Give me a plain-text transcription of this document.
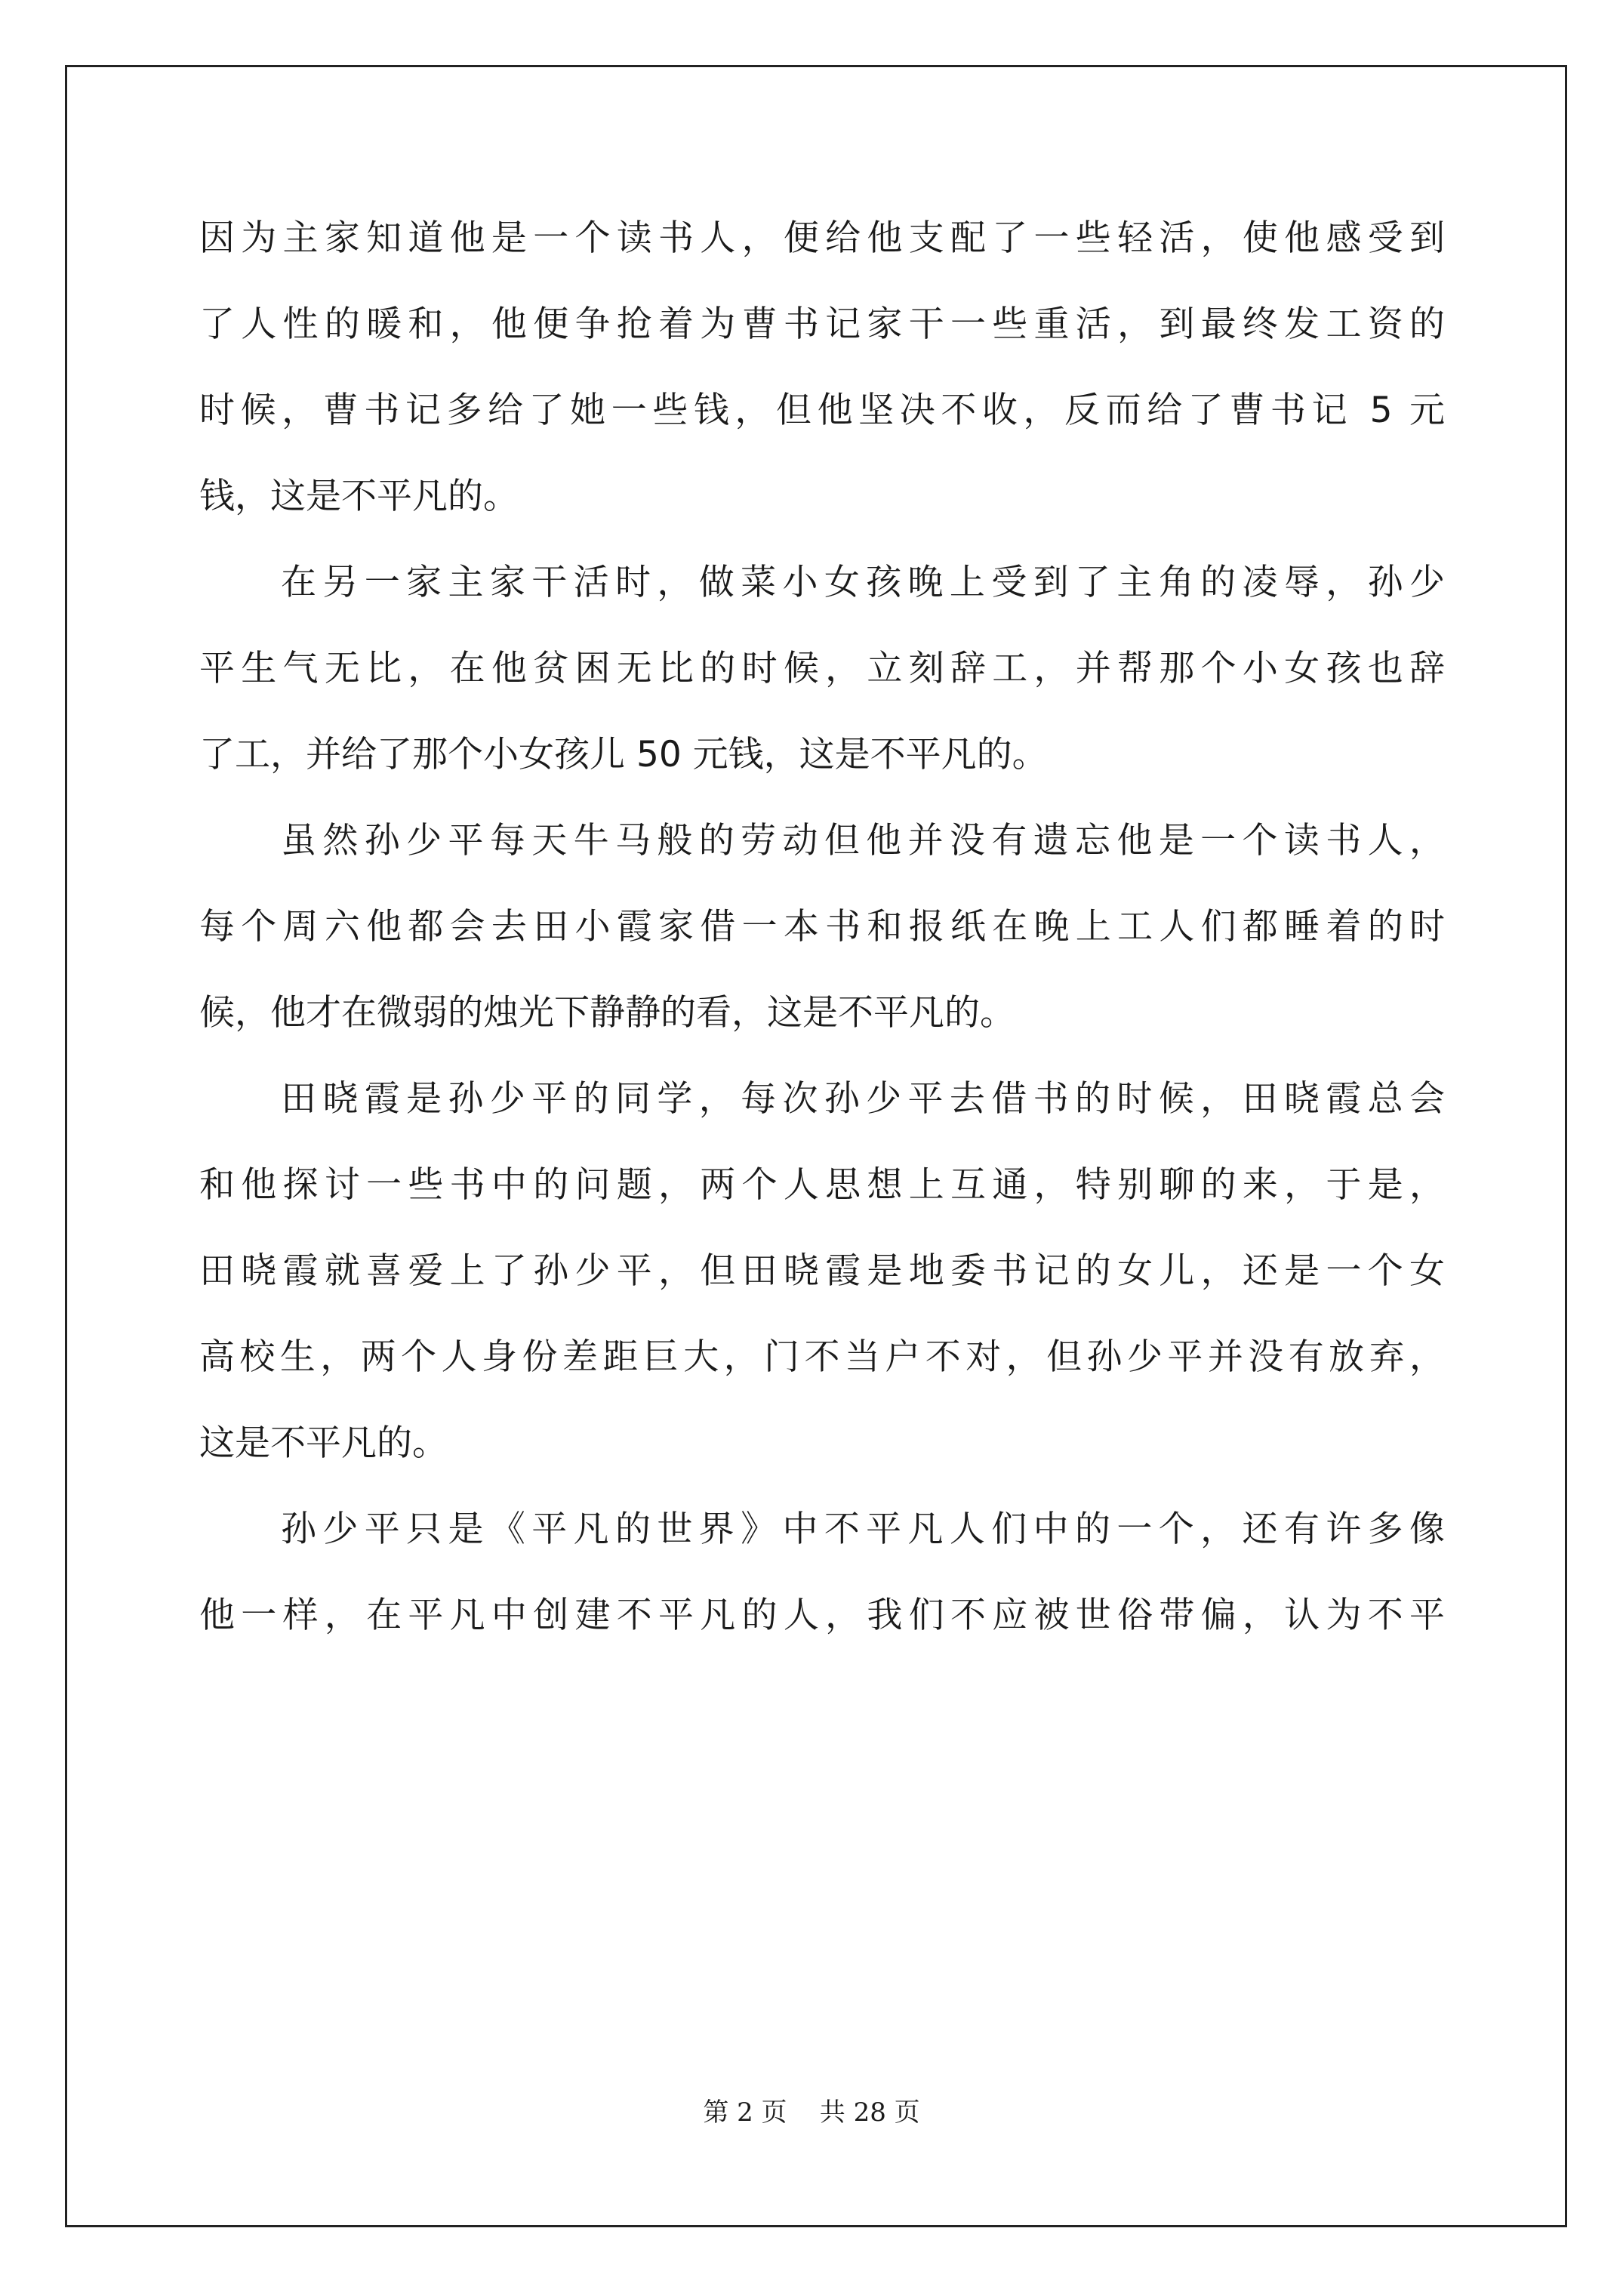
因为主家知道他是一个读书人，便给他支配了一些轻活，使他感受到
了人性的暖和，他便争抢着为曹书记家干一些重活，到最终发工资的
时候，曹书记多给了她一些钱，但他坚决不收，反而给了曹书记 5 元
钱，这是不平凡的。
在另一家主家干活时，做菜小女孩晚上受到了主角的凌辱，孙少
平生气无比，在他贫困无比的时候，立刻辞工，并帮那个小女孩也辞
了工，并给了那个小女孩儿 50 元钱，这是不平凡的。
虽然孙少平每天牛马般的劳动但他并没有遗忘他是一个读书人，
每个周六他都会去田小霞家借一本书和报纸在晚上工人们都睡着的时
候，他才在微弱的烛光下静静的看，这是不平凡的。
田晓霞是孙少平的同学，每次孙少平去借书的时候，田晓霞总会
和他探讨一些书中的问题，两个人思想上互通，特别聊的来，于是，
田晓霞就喜爱上了孙少平，但田晓霞是地委书记的女儿，还是一个女
高校生，两个人身份差距巨大，门不当户不对，但孙少平并没有放弃，
这是不平凡的。
孙少平只是《平凡的世界》中不平凡人们中的一个，还有许多像
他一样，在平凡中创建不平凡的人，我们不应被世俗带偏，认为不平
第 2 页    共 28 页
